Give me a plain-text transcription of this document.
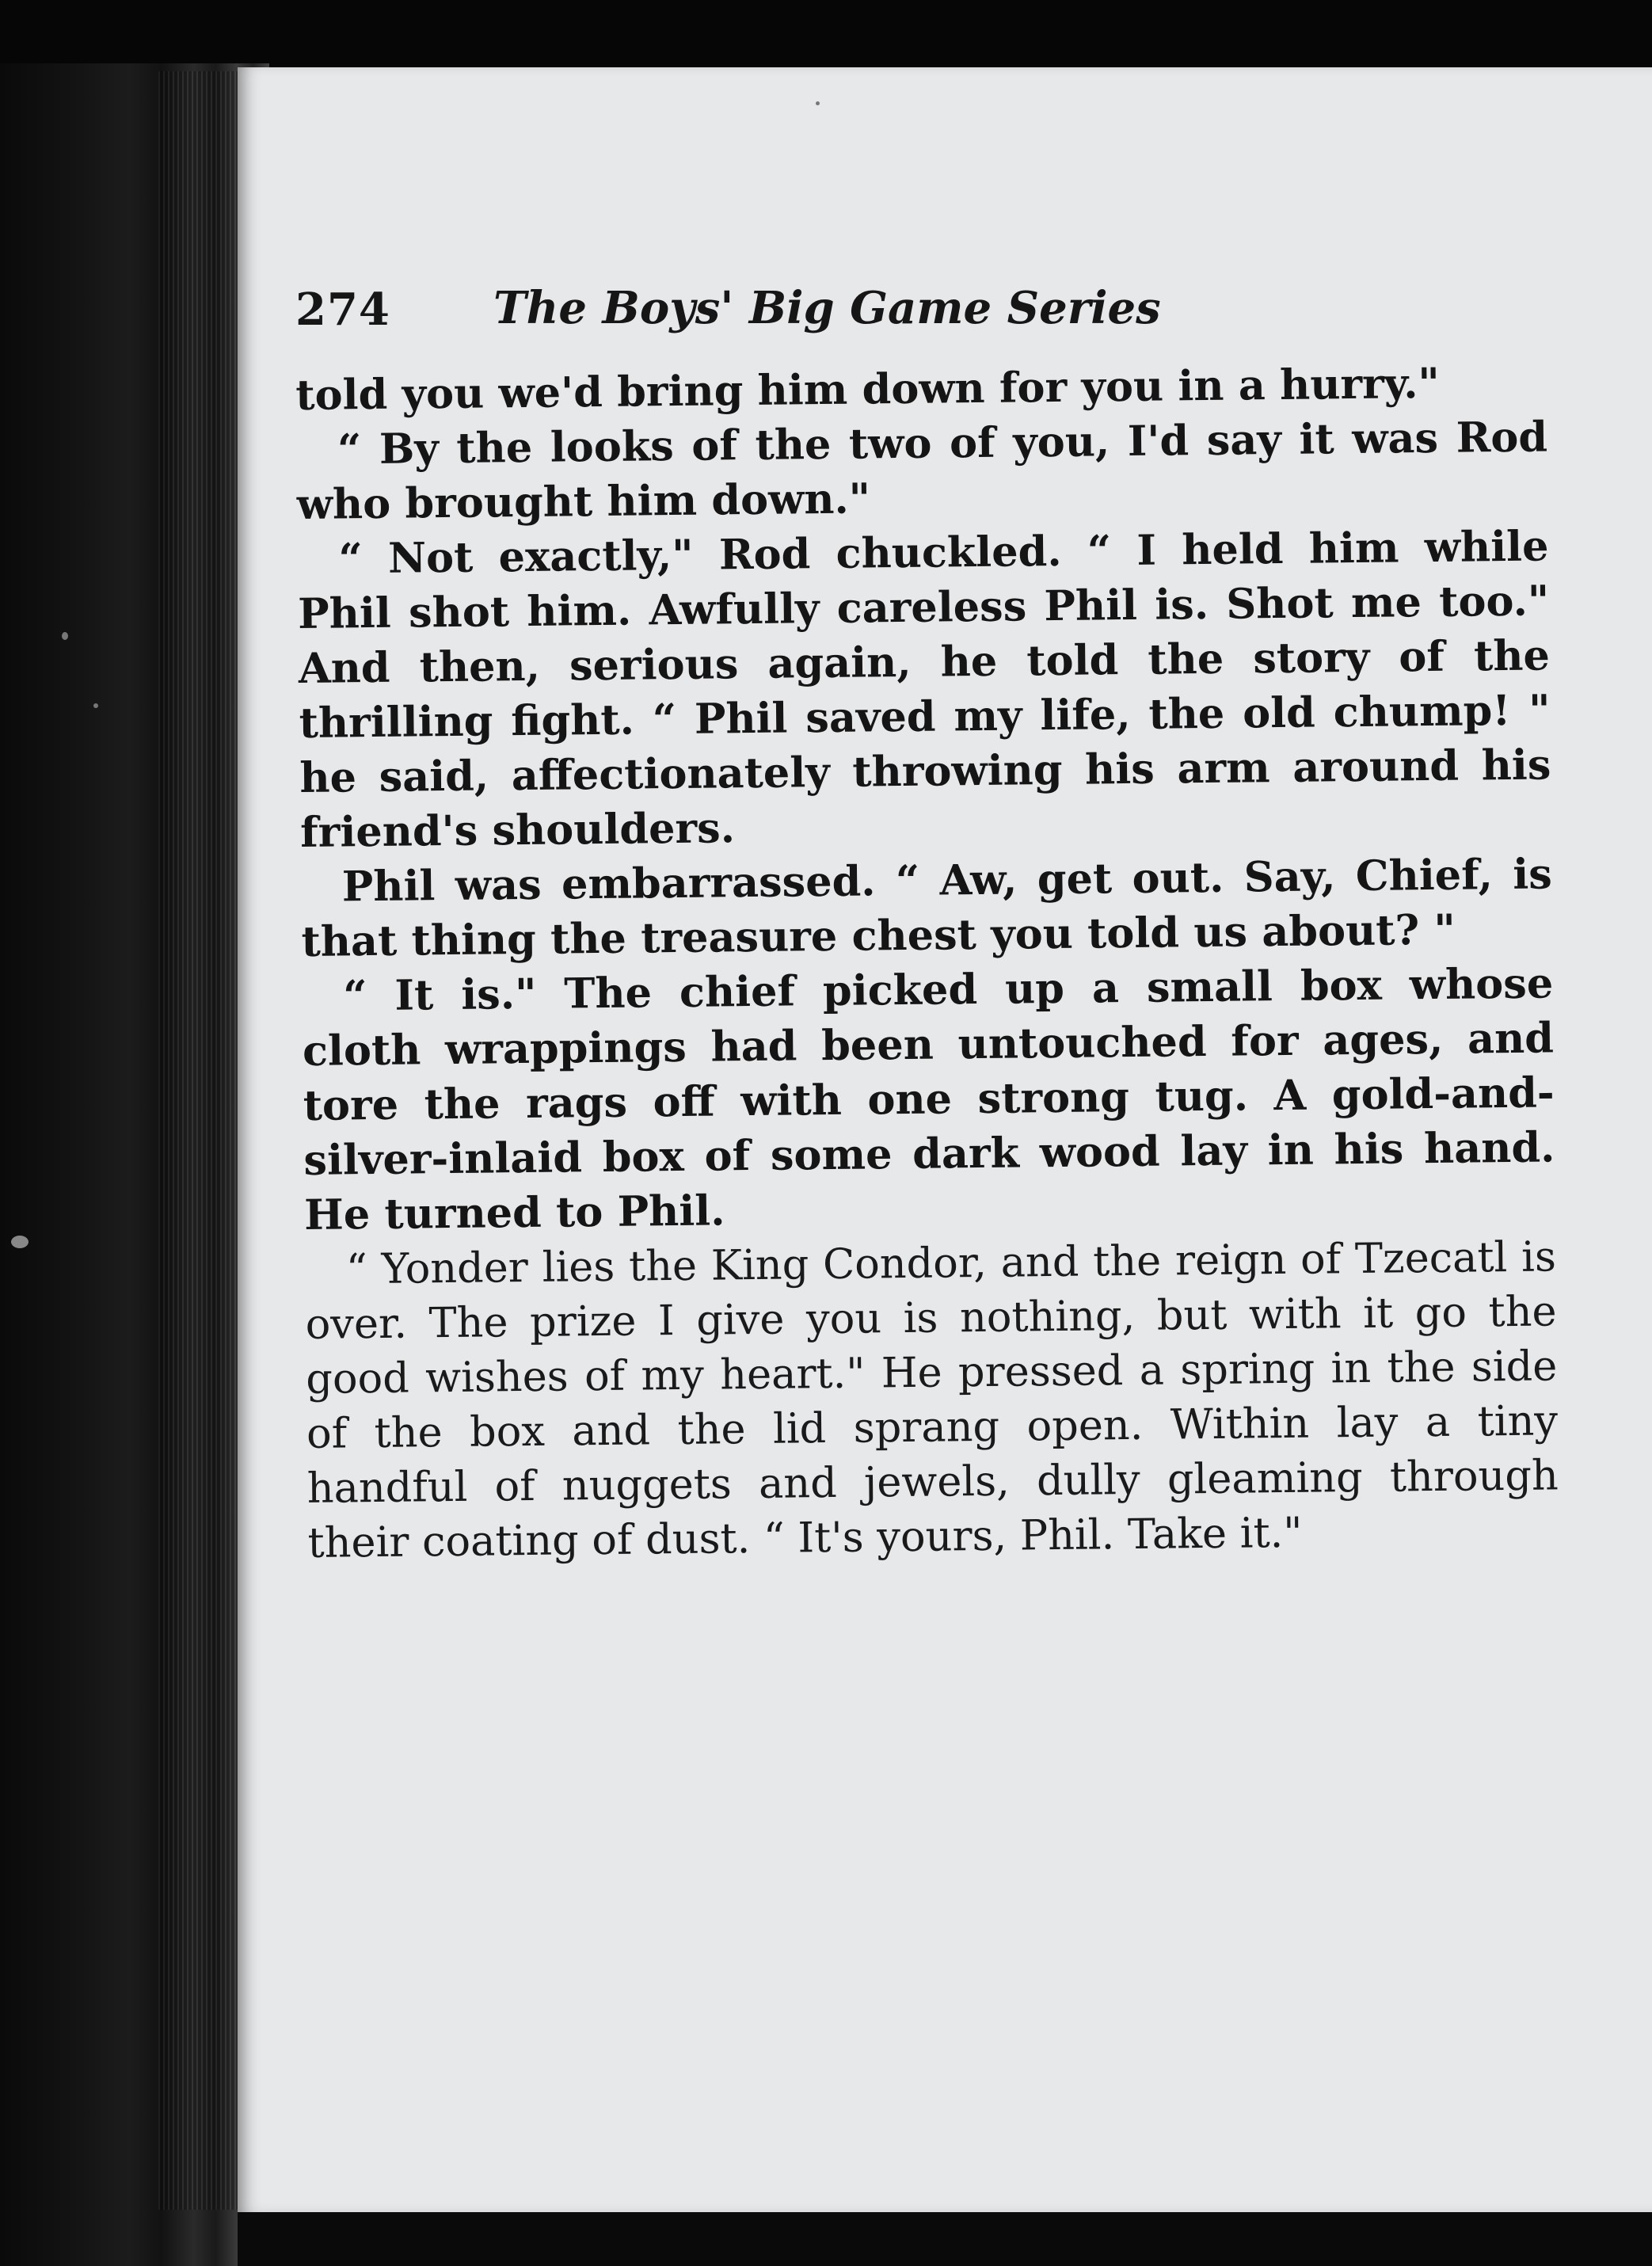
274 The Boys' Big Game Series

told you we'd bring him down for you in a hurry."

“ By the looks of the two of you, I'd say it was Rod who brought him down."

“ Not exactly," Rod chuckled. “ I held him while Phil shot him. Awfully careless Phil is. Shot me too." And then, serious again, he told the story of the thrilling fight. “ Phil saved my life, the old chump! " he said, affectionately throwing his arm around his friend's shoulders.

Phil was embarrassed. “ Aw, get out. Say, Chief, is that thing the treasure chest you told us about? "

“ It is." The chief picked up a small box whose cloth wrappings had been untouched for ages, and tore the rags off with one strong tug. A gold-and-silver-inlaid box of some dark wood lay in his hand. He turned to Phil.

“ Yonder lies the King Condor, and the reign of Tzecatl is over. The prize I give you is nothing, but with it go the good wishes of my heart." He pressed a spring in the side of the box and the lid sprang open. Within lay a tiny handful of nuggets and jewels, dully gleaming through their coating of dust. “ It's yours, Phil. Take it."
